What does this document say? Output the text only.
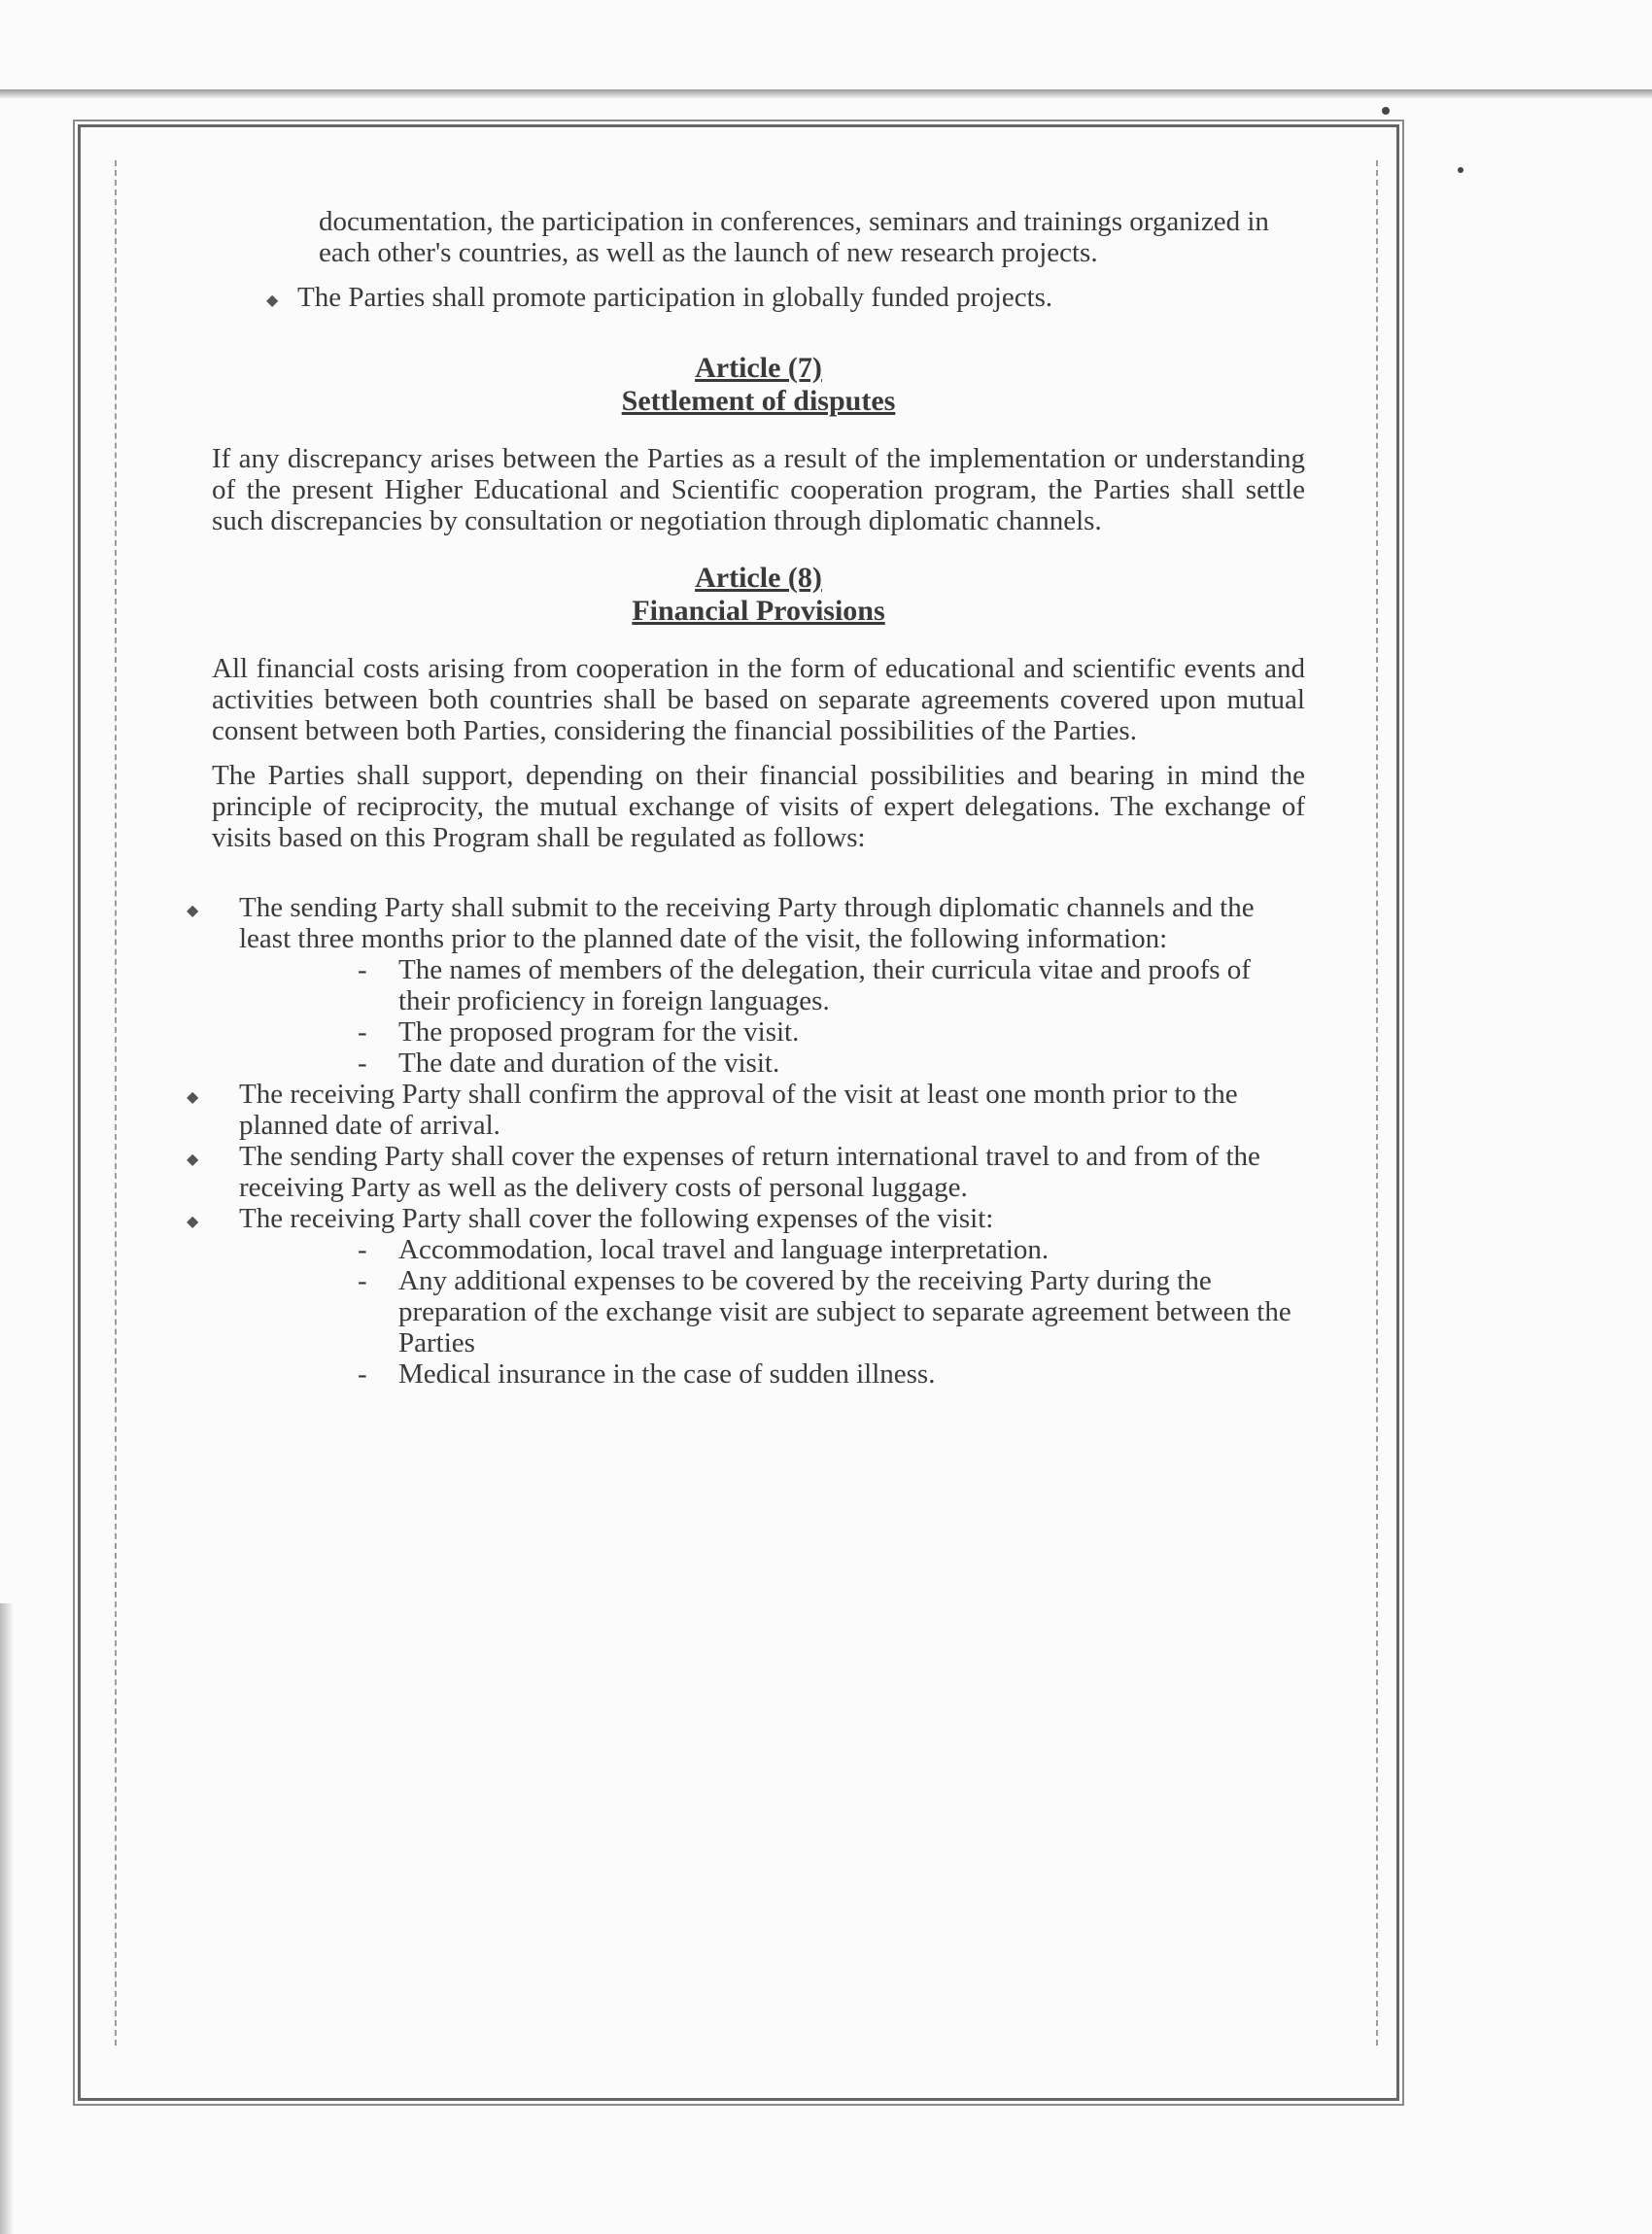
documentation, the participation in conferences, seminars and trainings organized in each other's countries, as well as the launch of new research projects.

◆ The Parties shall promote participation in globally funded projects.

Article (7)

Settlement of disputes

If any discrepancy arises between the Parties as a result of the implementation or understanding of the present Higher Educational and Scientific cooperation program, the Parties shall settle such discrepancies by consultation or negotiation through diplomatic channels.

Article (8)

Financial Provisions

All financial costs arising from cooperation in the form of educational and scientific events and activities between both countries shall be based on separate agreements covered upon mutual consent between both Parties, considering the financial possibilities of the Parties.

The Parties shall support, depending on their financial possibilities and bearing in mind the principle of reciprocity, the mutual exchange of visits of expert delegations. The exchange of visits based on this Program shall be regulated as follows:

◆ The sending Party shall submit to the receiving Party through diplomatic channels and the least three months prior to the planned date of the visit, the following information:
- The names of members of the delegation, their curricula vitae and proofs of their proficiency in foreign languages.
- The proposed program for the visit.
- The date and duration of the visit.
◆ The receiving Party shall confirm the approval of the visit at least one month prior to the planned date of arrival.
◆ The sending Party shall cover the expenses of return international travel to and from of the receiving Party as well as the delivery costs of personal luggage.
◆ The receiving Party shall cover the following expenses of the visit:
- Accommodation, local travel and language interpretation.
- Any additional expenses to be covered by the receiving Party during the preparation of the exchange visit are subject to separate agreement between the Parties
- Medical insurance in the case of sudden illness.
